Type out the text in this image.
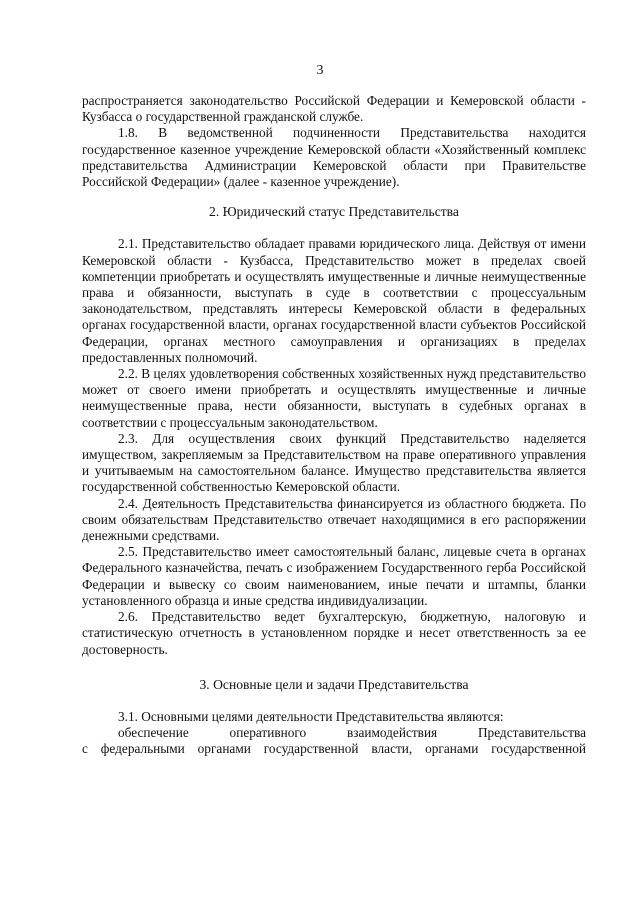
3

распространяется законодательство Российской Федерации и Кемеровской области - Кузбасса о государственной гражданской службе.

1.8. В ведомственной подчиненности Представительства находится государственное казенное учреждение Кемеровской области «Хозяйственный комплекс представительства Администрации Кемеровской области при Правительстве Российской Федерации» (далее - казенное учреждение).

2. Юридический статус Представительства

2.1. Представительство обладает правами юридического лица. Действуя от имени Кемеровской области - Кузбасса, Представительство может в пределах своей компетенции приобретать и осуществлять имущественные и личные неимущественные права и обязанности, выступать в суде в соответствии с процессуальным законодательством, представлять интересы Кемеровской области в федеральных органах государственной власти, органах государственной власти субъектов Российской Федерации, органах местного самоуправления и организациях в пределах предоставленных полномочий.

2.2. В целях удовлетворения собственных хозяйственных нужд представительство может от своего имени приобретать и осуществлять имущественные и личные неимущественные права, нести обязанности, выступать в судебных органах в соответствии с процессуальным законодательством.

2.3. Для осуществления своих функций Представительство наделяется имуществом, закрепляемым за Представительством на праве оперативного управления и учитываемым на самостоятельном балансе. Имущество представительства является государственной собственностью Кемеровской области.

2.4. Деятельность Представительства финансируется из областного бюджета. По своим обязательствам Представительство отвечает находящимися в его распоряжении денежными средствами.

2.5. Представительство имеет самостоятельный баланс, лицевые счета в органах Федерального казначейства, печать с изображением Государственного герба Российской Федерации и вывеску со своим наименованием, иные печати и штампы, бланки установленного образца и иные средства индивидуализации.

2.6. Представительство ведет бухгалтерскую, бюджетную, налоговую и статистическую отчетность в установленном порядке и несет ответственность за ее достоверность.

3. Основные цели и задачи Представительства

3.1. Основными целями деятельности Представительства являются:

обеспечение оперативного взаимодействия Представительства

с федеральными органами государственной власти, органами государственной
